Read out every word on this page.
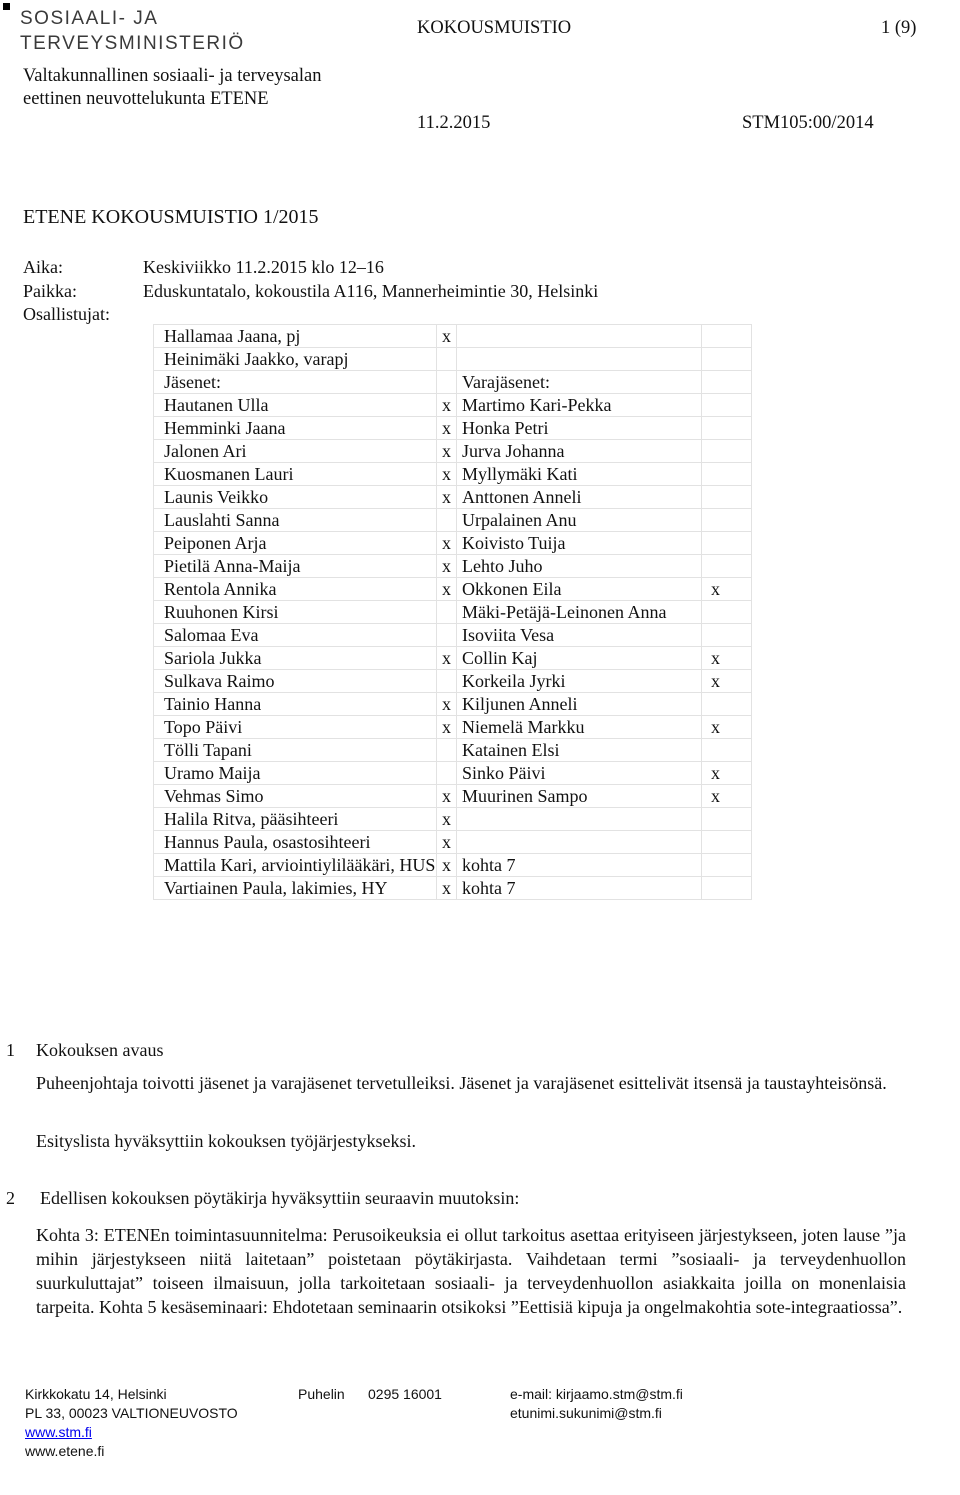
SOSIAALI- JA
TERVEYSMINISTERIÖ
KOKOUSMUISTIO	1 (9)
Valtakunnallinen sosiaali- ja terveysalan
eettinen neuvottelukunta ETENE
11.2.2015	STM105:00/2014
ETENE KOKOUSMUISTIO 1/2015
Aika:	Keskiviikko 11.2.2015 klo 12–16
Paikka:	Eduskuntatalo, kokoustila A116, Mannerheimintie 30, Helsinki
Osallistujat:
Hallamaa Jaana, pj	x		
Heinimäki Jaakko, varapj			
Jäsenet:		Varajäsenet:	
Hautanen Ulla	x	Martimo Kari-Pekka	
Hemminki Jaana	x	Honka Petri	
Jalonen Ari	x	Jurva Johanna	
Kuosmanen Lauri	x	Myllymäki Kati	
Launis Veikko	x	Anttonen Anneli	
Lauslahti Sanna		Urpalainen Anu	
Peiponen Arja	x	Koivisto Tuija	
Pietilä Anna-Maija	x	Lehto Juho	
Rentola Annika	x	Okkonen Eila	x
Ruuhonen Kirsi		Mäki-Petäjä-Leinonen Anna	
Salomaa Eva		Isoviita Vesa	
Sariola Jukka	x	Collin Kaj	x
Sulkava Raimo		Korkeila Jyrki	x
Tainio Hanna	x	Kiljunen Anneli	
Topo Päivi	x	Niemelä Markku	x
Tölli Tapani		Katainen Elsi	
Uramo Maija		Sinko Päivi	x
Vehmas Simo	x	Muurinen Sampo	x
Halila Ritva, pääsihteeri	x		
Hannus Paula, osastosihteeri	x		
Mattila Kari, arviointiylilääkäri, HUS	x	kohta 7	
Vartiainen Paula, lakimies, HY	x	kohta 7	
1 Kokouksen avaus
Puheenjohtaja toivotti jäsenet ja varajäsenet tervetulleiksi. Jäsenet ja varajäsenet esittelivät itsensä ja taustayhteisönsä.
Esityslista hyväksyttiin kokouksen työjärjestykseksi.
2 Edellisen kokouksen pöytäkirja hyväksyttiin seuraavin muutoksin:
Kohta 3: ETENEn toimintasuunnitelma: Perusoikeuksia ei ollut tarkoitus asettaa erityiseen järjestykseen, joten lause ”ja mihin järjestykseen niitä laitetaan” poistetaan pöytäkirjasta. Vaihdetaan termi ”sosiaali- ja terveydenhuollon suurkuluttajat” toiseen ilmaisuun, jolla tarkoitetaan sosiaali- ja terveydenhuollon asiakkaita joilla on monenlaisia tarpeita. Kohta 5 kesäseminaari: Ehdotetaan seminaarin otsikoksi ”Eettisiä kipuja ja ongelmakohtia sote-integraatiossa”.
Kirkkokatu 14, Helsinki
PL 33, 00023 VALTIONEUVOSTO
www.stm.fi
www.etene.fi
Puhelin 0295 16001	e-mail: kirjaamo.stm@stm.fi
etunimi.sukunimi@stm.fi
